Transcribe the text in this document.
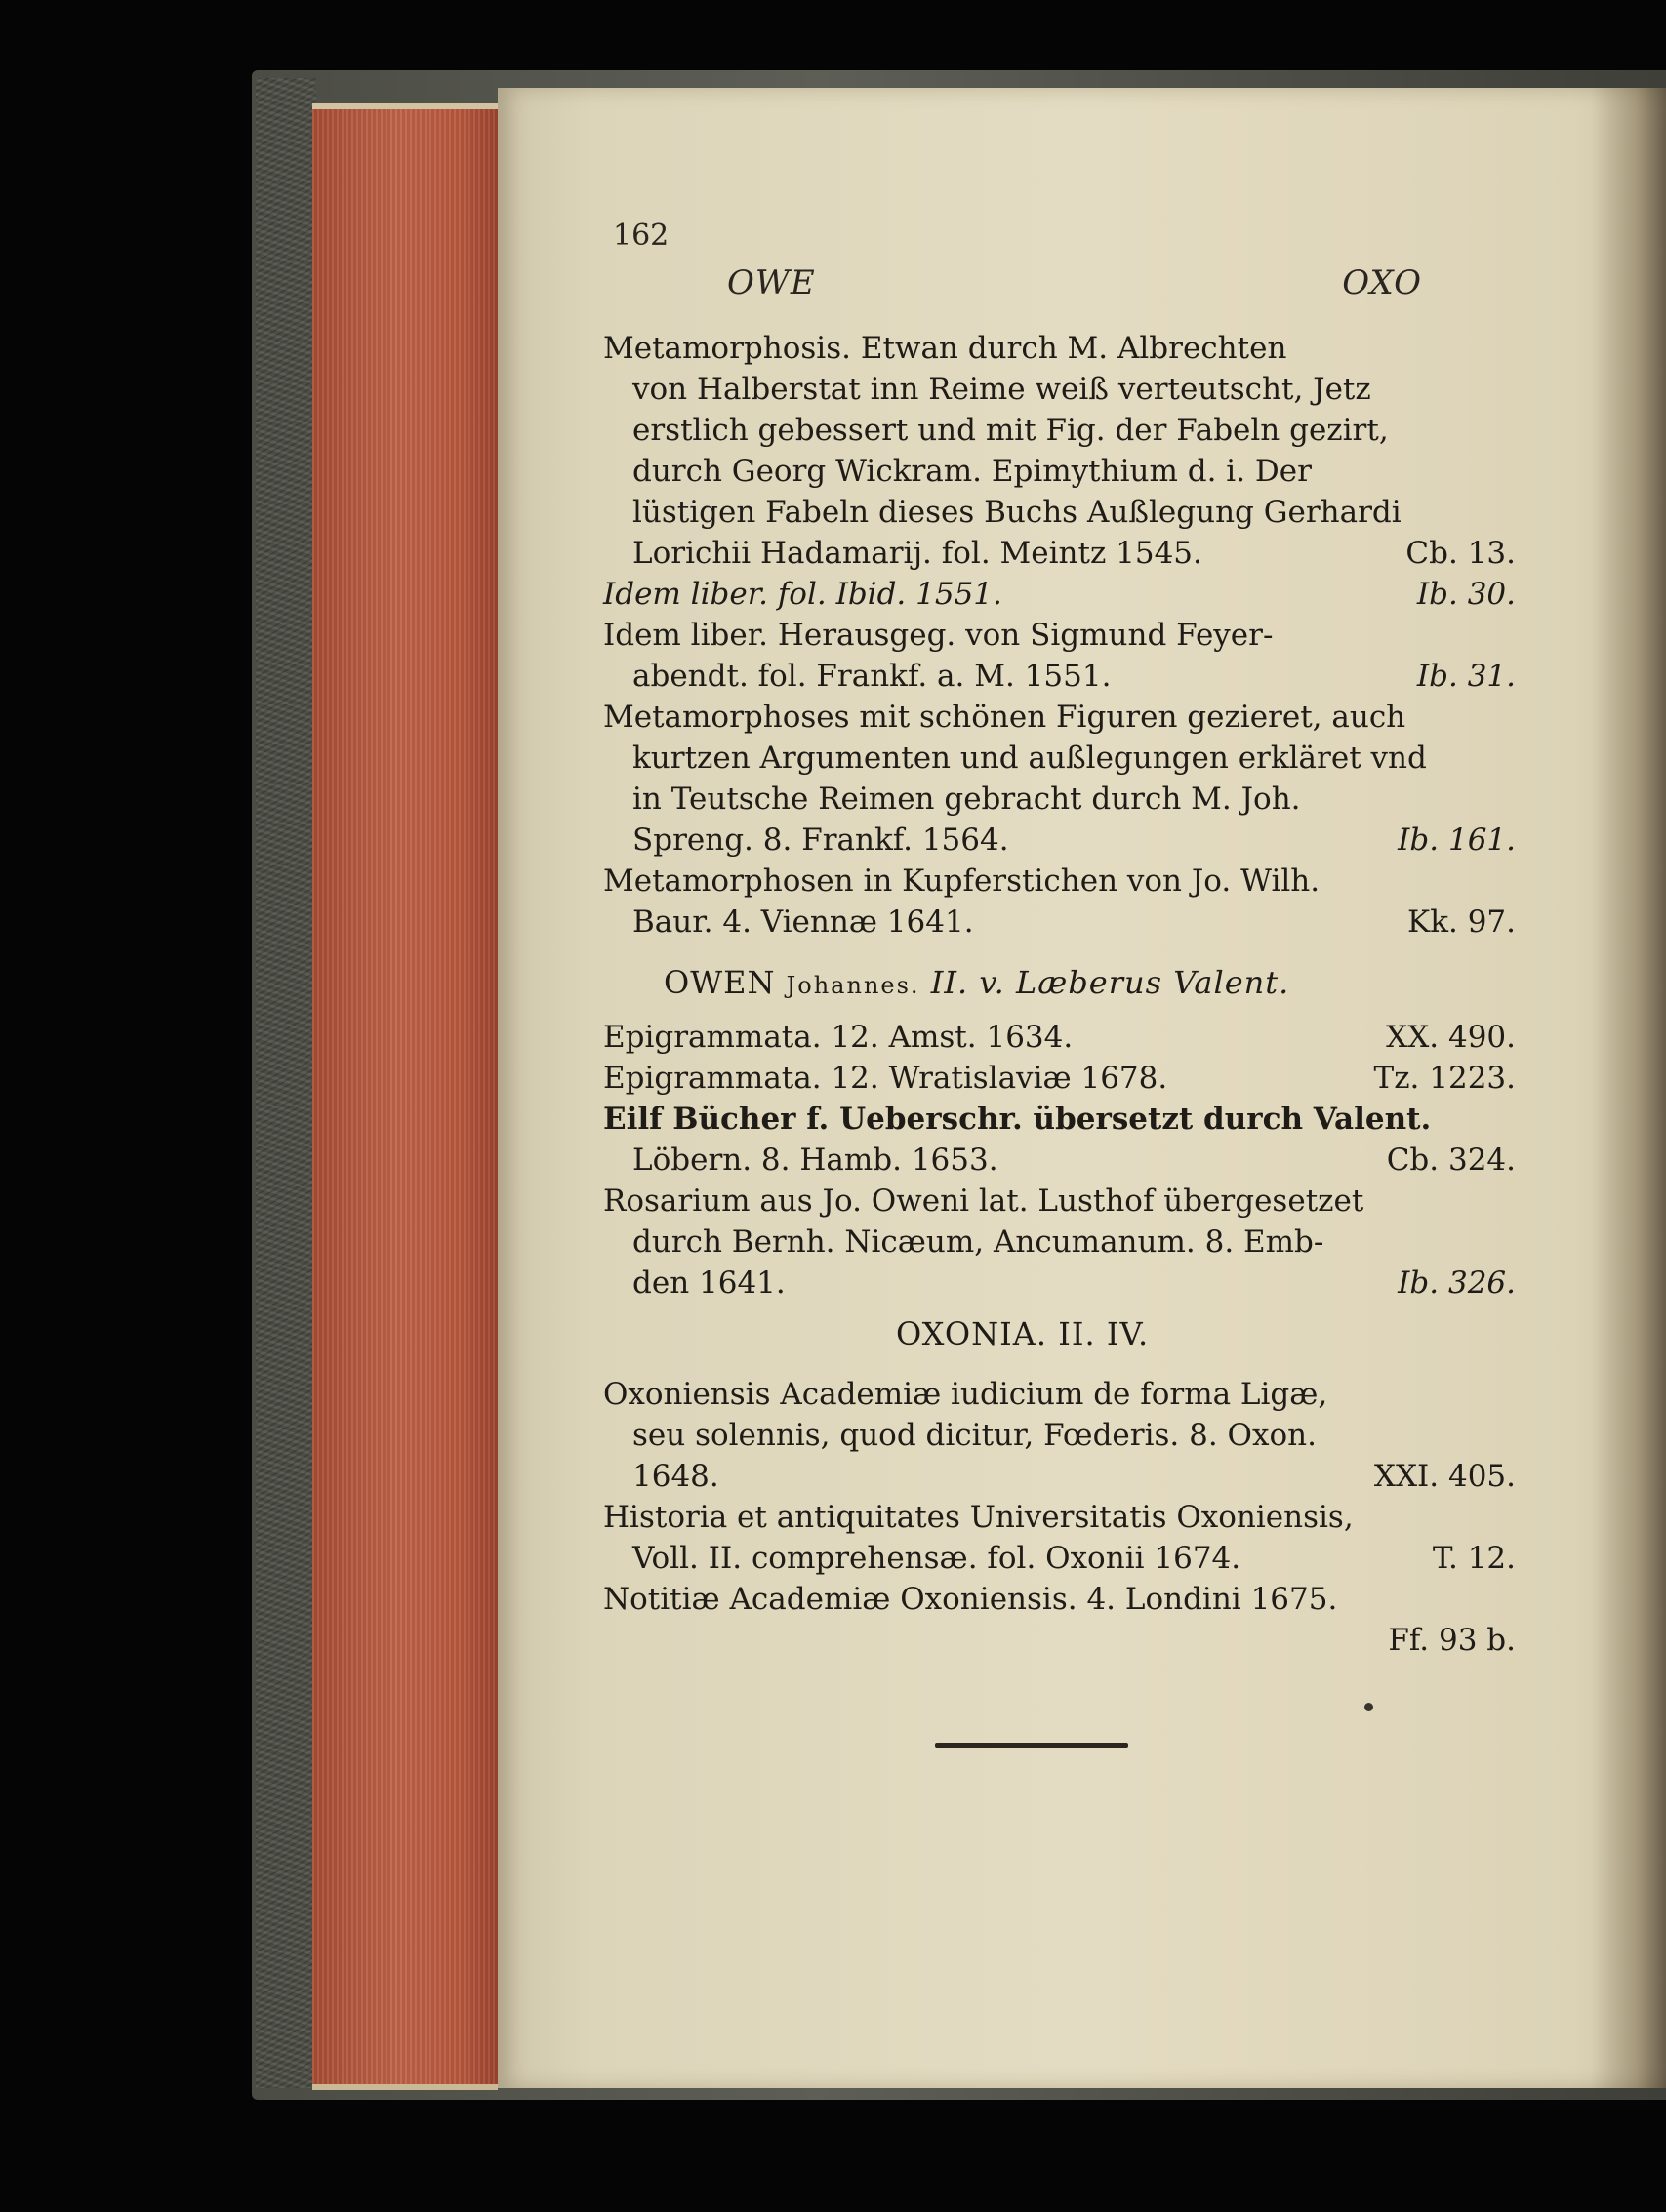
162
OWE	OXO
Metamorphosis. Etwan durch M. Albrechten
von Halberstat inn Reime weiß verteutscht, Jetz
erstlich gebessert und mit Fig. der Fabeln gezirt,
durch Georg Wickram. Epimythium d. i. Der
lüstigen Fabeln dieses Buchs Außlegung Gerhardi
Lorichii Hadamarij. fol. Meintz 1545.	Cb. 13.
Idem liber. fol. Ibid. 1551.	Ib. 30.
Idem liber. Herausgeg. von Sigmund Feyer-
abendt. fol. Frankf. a. M. 1551.	Ib. 31.
Metamorphoses mit schönen Figuren gezieret, auch
kurtzen Argumenten und außlegungen erkläret vnd
in Teutsche Reimen gebracht durch M. Joh.
Spreng. 8. Frankf. 1564.	Ib. 161.
Metamorphosen in Kupferstichen von Jo. Wilh.
Baur. 4. Viennæ 1641.	Kk. 97.
OWEN Johannes. II. v. Læberus Valent.
Epigrammata. 12. Amst. 1634.	XX. 490.
Epigrammata. 12. Wratislaviæ 1678.	Tz. 1223.
Eilf Bücher f. Ueberschr. übersetzt durch Valent.
Löbern. 8. Hamb. 1653.	Cb. 324.
Rosarium aus Jo. Oweni lat. Lusthof übergesetzet
durch Bernh. Nicæum, Ancumanum. 8. Emb-
den 1641.	Ib. 326.
OXONIA. II. IV.
Oxoniensis Academiæ iudicium de forma Ligæ,
seu solennis, quod dicitur, Fœderis. 8. Oxon.
1648.	XXI. 405.
Historia et antiquitates Universitatis Oxoniensis,
Voll. II. comprehensæ. fol. Oxonii 1674.	T. 12.
Notitiæ Academiæ Oxoniensis. 4. Londini 1675.
Ff. 93 b.
